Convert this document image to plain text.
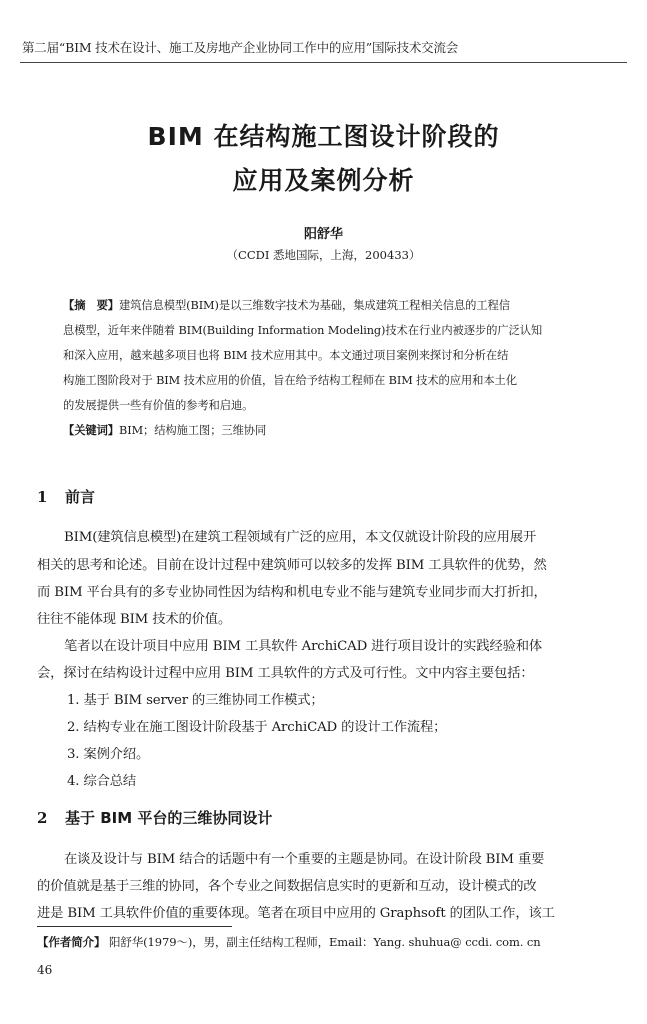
第二届“BIM 技术在设计、施工及房地产企业协同工作中的应用”国际技术交流会
BIM 在结构施工图设计阶段的
应用及案例分析
阳舒华
（CCDI 悉地国际，上海，200433）
【摘　要】建筑信息模型(BIM)是以三维数字技术为基础，集成建筑工程相关信息的工程信
息模型，近年来伴随着 BIM(Building Information Modeling)技术在行业内被逐步的广泛认知
和深入应用，越来越多项目也将 BIM 技术应用其中。本文通过项目案例来探讨和分析在结
构施工图阶段对于 BIM 技术应用的价值，旨在给予结构工程师在 BIM 技术的应用和本土化
的发展提供一些有价值的参考和启迪。
【关键词】BIM；结构施工图；三维协同
1 前言
BIM(建筑信息模型)在建筑工程领域有广泛的应用，本文仅就设计阶段的应用展开
相关的思考和论述。目前在设计过程中建筑师可以较多的发挥 BIM 工具软件的优势，然
而 BIM 平台具有的多专业协同性因为结构和机电专业不能与建筑专业同步而大打折扣，
往往不能体现 BIM 技术的价值。
笔者以在设计项目中应用 BIM 工具软件 ArchiCAD 进行项目设计的实践经验和体
会，探讨在结构设计过程中应用 BIM 工具软件的方式及可行性。文中内容主要包括：
1. 基于 BIM server 的三维协同工作模式；
2. 结构专业在施工图设计阶段基于 ArchiCAD 的设计工作流程；
3. 案例介绍。
4. 综合总结
2 基于 BIM 平台的三维协同设计
在谈及设计与 BIM 结合的话题中有一个重要的主题是协同。在设计阶段 BIM 重要
的价值就是基于三维的协同，各个专业之间数据信息实时的更新和互动，设计模式的改
进是 BIM 工具软件价值的重要体现。笔者在项目中应用的 Graphsoft 的团队工作，该工
【作者简介】 阳舒华(1979～)，男，副主任结构工程师，Email：Yang. shuhua@ ccdi. com. cn
46
